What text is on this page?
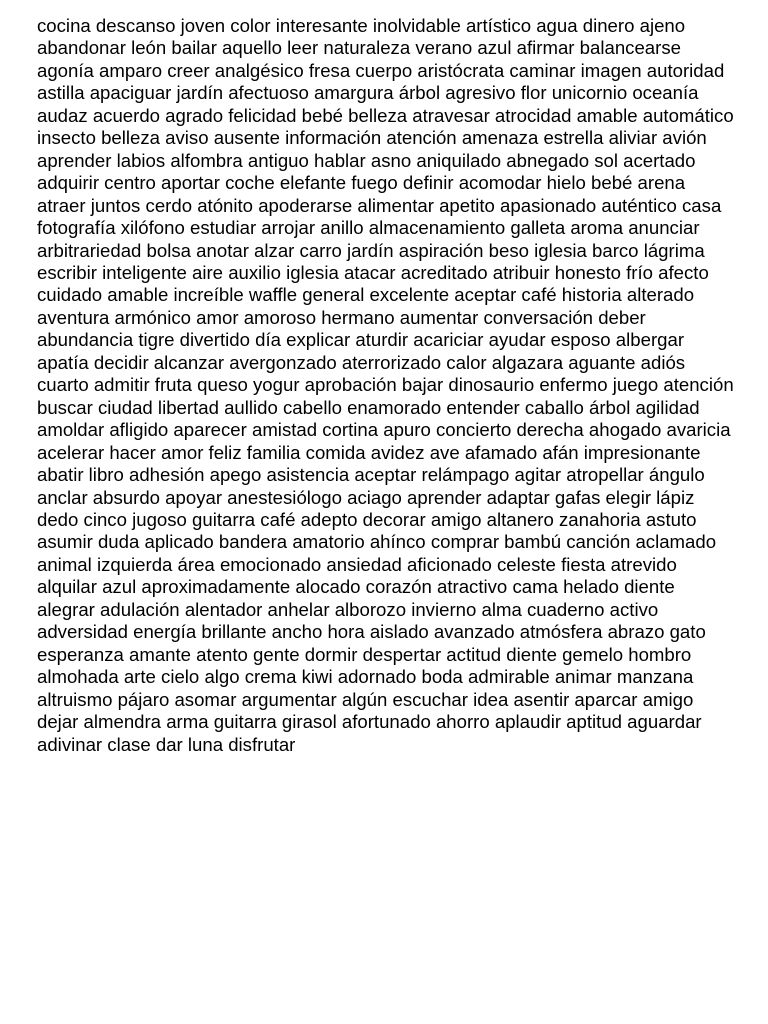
cocina descanso joven color interesante inolvidable artístico agua dinero ajeno
abandonar león bailar aquello leer naturaleza verano azul afirmar balancearse
agonía amparo creer analgésico fresa cuerpo aristócrata caminar imagen autoridad
astilla apaciguar jardín afectuoso amargura árbol agresivo flor unicornio oceanía
audaz acuerdo agrado felicidad bebé belleza atravesar atrocidad amable automático
insecto belleza aviso ausente información atención amenaza estrella aliviar avión
aprender labios alfombra antiguo hablar asno aniquilado abnegado sol acertado
adquirir centro aportar coche elefante fuego definir acomodar hielo bebé arena
atraer juntos cerdo atónito apoderarse alimentar apetito apasionado auténtico casa
fotografía xilófono estudiar arrojar anillo almacenamiento galleta aroma anunciar
arbitrariedad bolsa anotar alzar carro jardín aspiración beso iglesia barco lágrima
escribir inteligente aire auxilio iglesia atacar acreditado atribuir honesto frío afecto
cuidado amable increíble waffle general excelente aceptar café historia alterado
aventura armónico amor amoroso hermano aumentar conversación deber
abundancia tigre divertido día explicar aturdir acariciar ayudar esposo albergar
apatía decidir alcanzar avergonzado aterrorizado calor algazara aguante adiós
cuarto admitir fruta queso yogur aprobación bajar dinosaurio enfermo juego atención
buscar ciudad libertad aullido cabello enamorado entender caballo árbol agilidad
amoldar afligido aparecer amistad cortina apuro concierto derecha ahogado avaricia
acelerar hacer amor feliz familia comida avidez ave afamado afán impresionante
abatir libro adhesión apego asistencia aceptar relámpago agitar atropellar ángulo
anclar absurdo apoyar anestesiólogo aciago aprender adaptar gafas elegir lápiz
dedo cinco jugoso guitarra café adepto decorar amigo altanero zanahoria astuto
asumir duda aplicado bandera amatorio ahínco comprar bambú canción aclamado
animal izquierda área emocionado ansiedad aficionado celeste fiesta atrevido
alquilar azul aproximadamente alocado corazón atractivo cama helado diente
alegrar adulación alentador anhelar alborozo invierno alma cuaderno activo
adversidad energía brillante ancho hora aislado avanzado atmósfera abrazo gato
esperanza amante atento gente dormir despertar actitud diente gemelo hombro
almohada arte cielo algo crema kiwi adornado boda admirable animar manzana
altruismo pájaro asomar argumentar algún escuchar idea asentir aparcar amigo
dejar almendra arma guitarra girasol afortunado ahorro aplaudir aptitud aguardar
adivinar clase dar luna disfrutar
